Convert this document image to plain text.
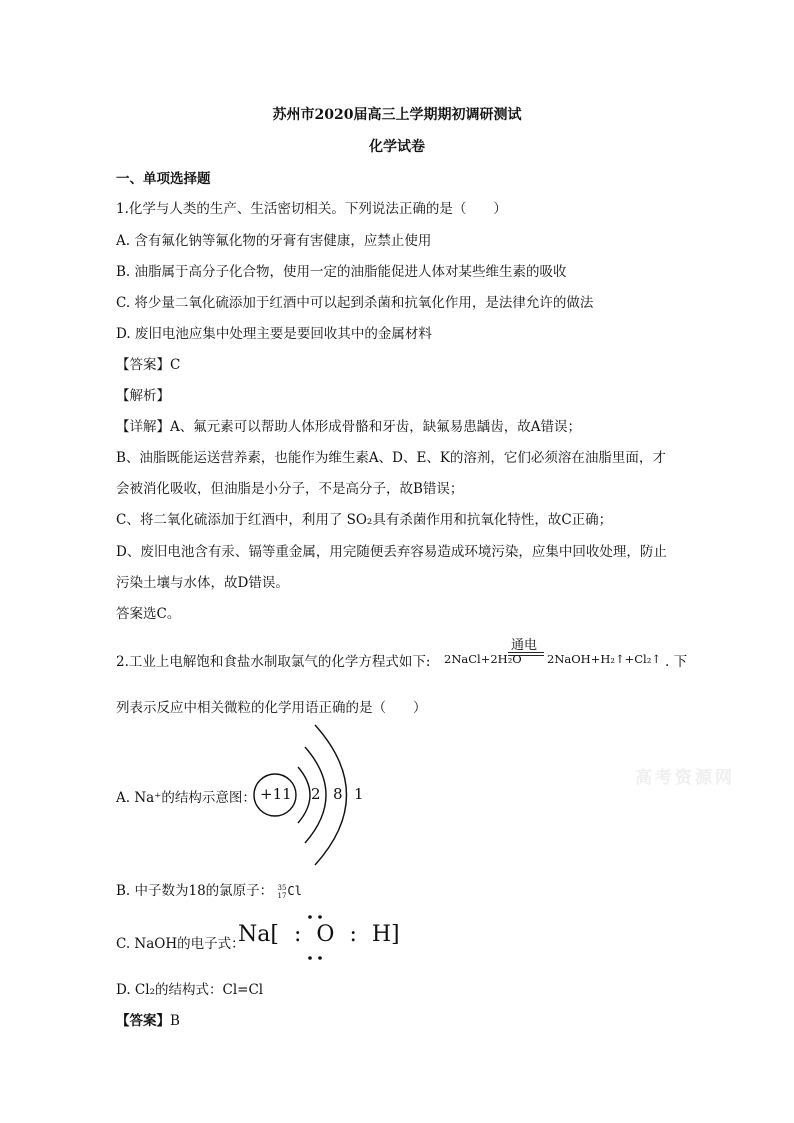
苏州市2020届高三上学期期初调研测试
化学试卷
一、单项选择题
1.化学与人类的生产、生活密切相关。下列说法正确的是（　　）
A. 含有氟化钠等氟化物的牙膏有害健康，应禁止使用
B. 油脂属于高分子化合物，使用一定的油脂能促进人体对某些维生素的吸收
C. 将少量二氧化硫添加于红酒中可以起到杀菌和抗氧化作用，是法律允许的做法
D. 废旧电池应集中处理主要是要回收其中的金属材料
【答案】C
【解析】
【详解】A、氟元素可以帮助人体形成骨骼和牙齿，缺氟易患龋齿，故A错误；
B、油脂既能运送营养素，也能作为维生素A、D、E、K的溶剂，它们必须溶在油脂里面，才
会被消化吸收，但油脂是小分子，不是高分子，故B错误；
C、将二氧化硫添加于红酒中，利用了 SO₂具有杀菌作用和抗氧化特性，故C正确；
D、废旧电池含有汞、镉等重金属，用完随便丢弃容易造成环境污染，应集中回收处理，防止
污染土壤与水体，故D错误。
答案选C。
2.工业上电解饱和食盐水制取氯气的化学方程式如下: 2NaCl+2H₂O
通电
2NaOH+H₂↑+Cl₂↑ . 下
列表示反应中相关微粒的化学用语正确的是（　　）
A. Na⁺的结构示意图： +11 2 8 1
高考资源网
B. 中子数为18的氯原子： 35
17Cl
C. NaOH的电子式：
Na[ : O : H]
D. Cl₂的结构式：Cl=Cl
【答案】B
